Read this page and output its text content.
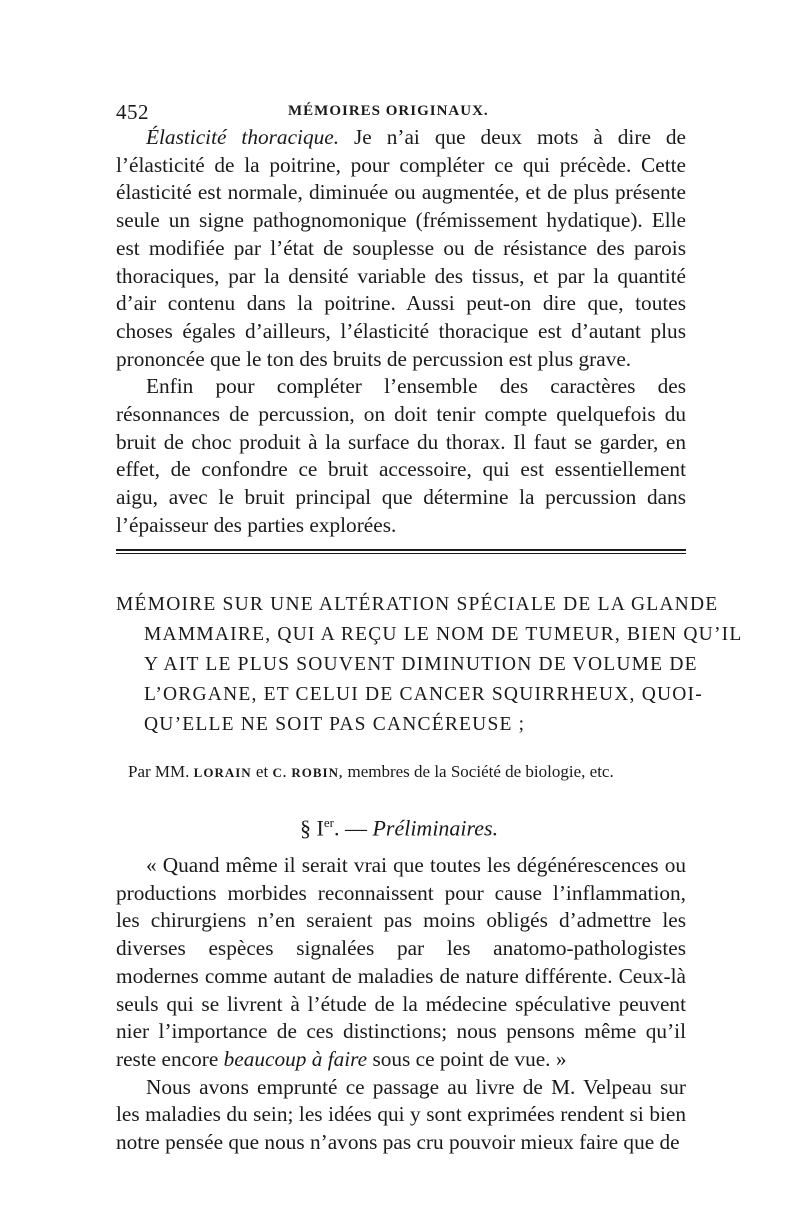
452	MÉMOIRES ORIGINAUX.

Élasticité thoracique. Je n’ai que deux mots à dire de l’élasticité de la poitrine, pour compléter ce qui précède. Cette élasticité est normale, diminuée ou augmentée, et de plus présente seule un signe pathognomonique (frémissement hydatique). Elle est modifiée par l’état de souplesse ou de résistance des parois thoraciques, par la densité variable des tissus, et par la quantité d’air contenu dans la poitrine. Aussi peut-on dire que, toutes choses égales d’ailleurs, l’élasticité thoracique est d’autant plus prononcée que le ton des bruits de percussion est plus grave.

Enfin pour compléter l’ensemble des caractères des résonnances de percussion, on doit tenir compte quelquefois du bruit de choc produit à la surface du thorax. Il faut se garder, en effet, de confondre ce bruit accessoire, qui est essentiellement aigu, avec le bruit principal que détermine la percussion dans l’épaisseur des parties explorées.

MÉMOIRE SUR UNE ALTÉRATION SPÉCIALE DE LA GLANDE
MAMMAIRE, QUI A REÇU LE NOM DE TUMEUR, BIEN QU’IL
Y AIT LE PLUS SOUVENT DIMINUTION DE VOLUME DE
L’ORGANE, ET CELUI DE CANCER SQUIRRHEUX, QUOI-
QU’ELLE NE SOIT PAS CANCÉREUSE ;
Par MM. LORAIN et C. ROBIN, membres de la Société de biologie, etc.
§ Ier. — Préliminaires.

« Quand même il serait vrai que toutes les dégénérescences ou productions morbides reconnaissent pour cause l’inflammation, les chirurgiens n’en seraient pas moins obligés d’admettre les diverses espèces signalées par les anatomo-pathologistes modernes comme autant de maladies de nature différente. Ceux-là seuls qui se livrent à l’étude de la médecine spéculative peuvent nier l’importance de ces distinctions; nous pensons même qu’il reste encore beaucoup à faire sous ce point de vue. »

Nous avons emprunté ce passage au livre de M. Velpeau sur les maladies du sein; les idées qui y sont exprimées rendent si bien notre pensée que nous n’avons pas cru pouvoir mieux faire que de
